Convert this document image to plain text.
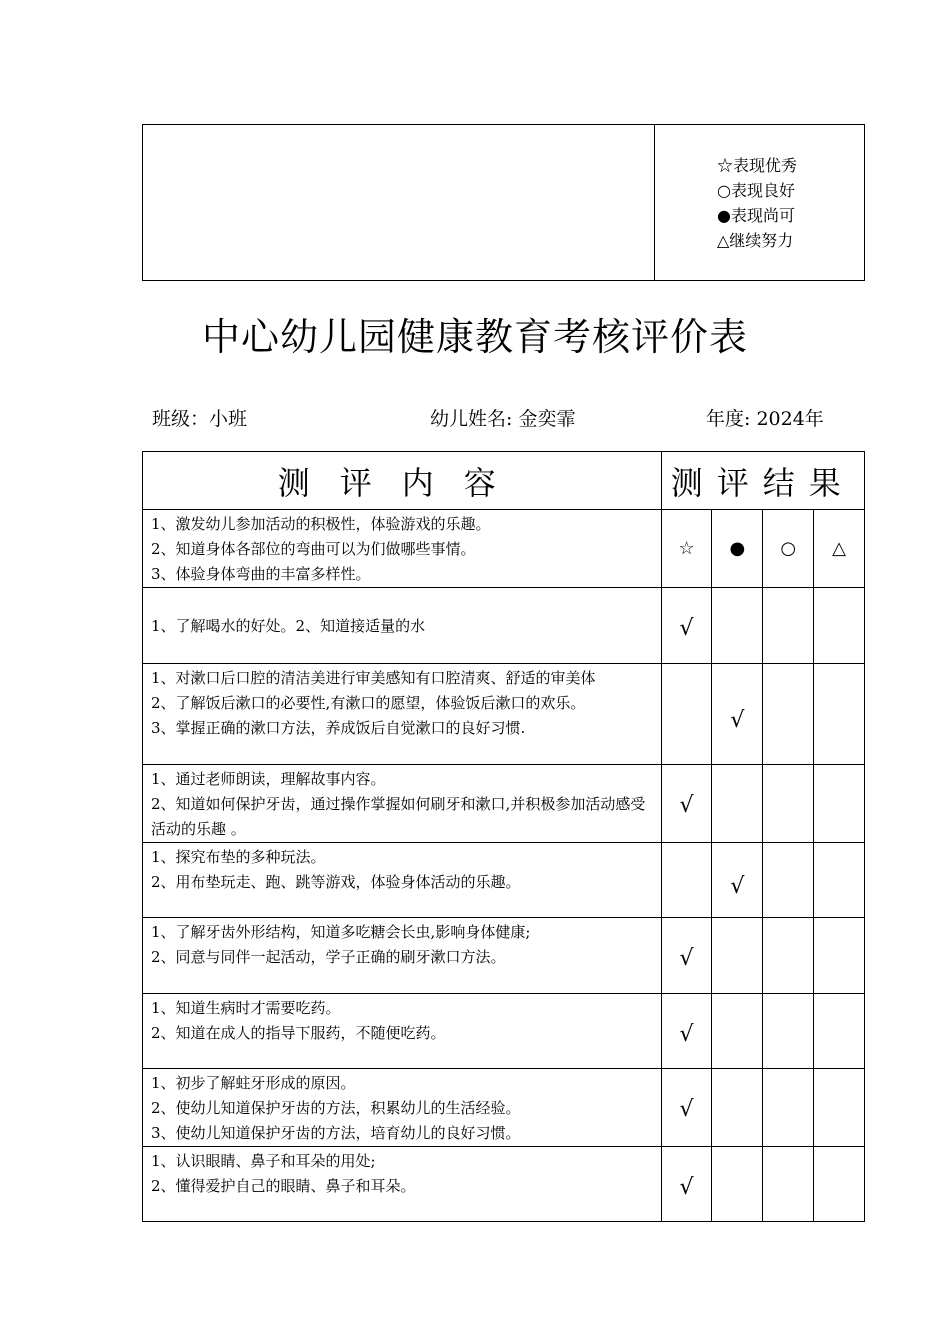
☆表现优秀
○表现良好
●表现尚可
△继续努力
中心幼儿园健康教育考核评价表
班级：小班	幼儿姓名: 金奕霏	年度: 2024年
测评内容	测评结果			

1、激发幼儿参加活动的积极性，体验游戏的乐趣。
2、知道身体各部位的弯曲可以为们做哪些事情。
3、体验身体弯曲的丰富多样性。	☆	●	○	△

1、了解喝水的好处。2、知道接适量的水	√			

1、对漱口后口腔的清洁美进行审美感知有口腔清爽、舒适的审美体
2、了解饭后漱口的必要性,有漱口的愿望，体验饭后漱口的欢乐。
3、掌握正确的漱口方法，养成饭后自觉漱口的良好习惯.		√		

1、通过老师朗读，理解故事内容。
2、知道如何保护牙齿，通过操作掌握如何刷牙和漱口,并积极参加活动感受活动的乐趣 。	√			

1、探究布垫的多种玩法。
2、用布垫玩走、跑、跳等游戏，体验身体活动的乐趣。		√		

1、了解牙齿外形结构，知道多吃糖会长虫,影响身体健康;
2、同意与同伴一起活动，学子正确的刷牙漱口方法。	√			

1、知道生病时才需要吃药。
2、知道在成人的指导下服药，不随便吃药。	√			

1、初步了解蛀牙形成的原因。
2、使幼儿知道保护牙齿的方法，积累幼儿的生活经验。
3、使幼儿知道保护牙齿的方法，培育幼儿的良好习惯。	√			

1、认识眼睛、鼻子和耳朵的用处;
2、懂得爱护自己的眼睛、鼻子和耳朵。	√			
